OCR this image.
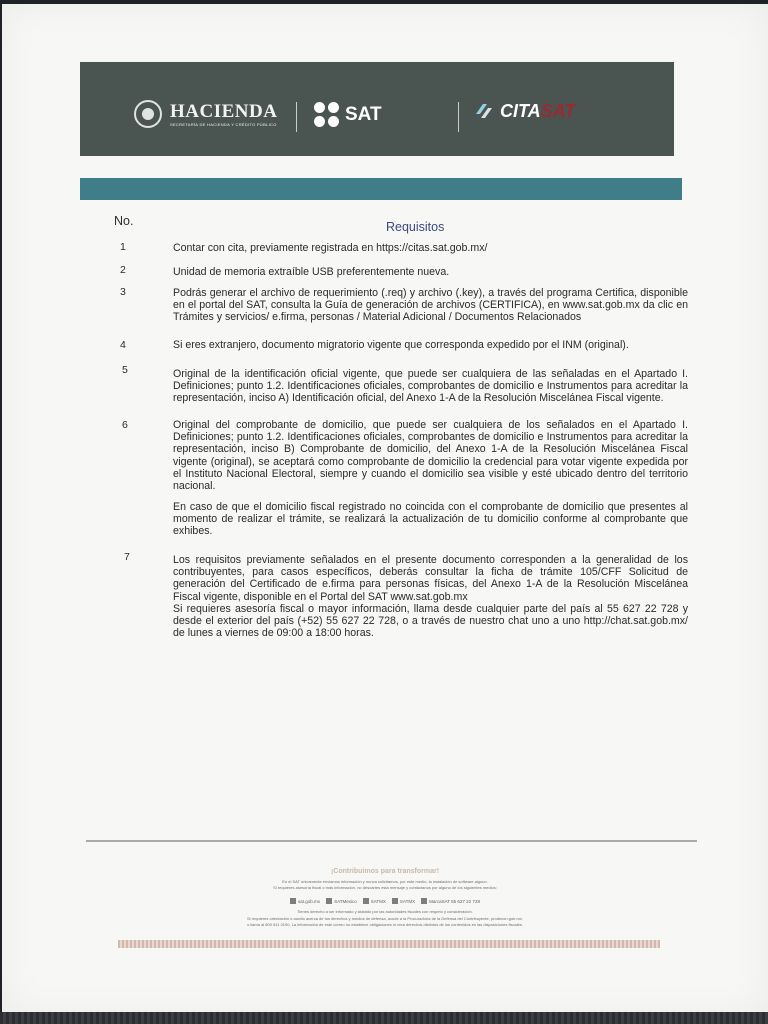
HACIENDA
SECRETARÍA DE HACIENDA Y CRÉDITO PÚBLICO	SAT	CITASAT
No.	Requisitos
1	Contar con cita, previamente registrada en https://citas.sat.gob.mx/
2	Unidad de memoria extraíble USB preferentemente nueva.
3	Podrás generar el archivo de requerimiento (.req) y archivo (.key), a través del programa Certifica, disponible en el portal del SAT, consulta la Guía de generación de archivos (CERTIFICA), en www.sat.gob.mx da clic en Trámites y servicios/ e.firma, personas / Material Adicional / Documentos Relacionados
4	Si eres extranjero, documento migratorio vigente que corresponda expedido por el INM (original).
5	Original de la identificación oficial vigente, que puede ser cualquiera de las señaladas en el Apartado I. Definiciones; punto 1.2. Identificaciones oficiales, comprobantes de domicilio e Instrumentos para acreditar la representación, inciso A) Identificación oficial, del Anexo 1-A de la Resolución Miscelánea Fiscal vigente.
6	Original del comprobante de domicilio, que puede ser cualquiera de los señalados en el Apartado I. Definiciones; punto 1.2. Identificaciones oficiales, comprobantes de domicilio e Instrumentos para acreditar la representación, inciso B) Comprobante de domicilio, del Anexo 1-A de la Resolución Miscelánea Fiscal vigente (original), se aceptará como comprobante de domicilio la credencial para votar vigente expedida por el Instituto Nacional Electoral, siempre y cuando el domicilio sea visible y esté ubicado dentro del territorio nacional.
En caso de que el domicilio fiscal registrado no coincida con el comprobante de domicilio que presentes al momento de realizar el trámite, se realizará la actualización de tu domicilio conforme al comprobante que exhibes.
7	Los requisitos previamente señalados en el presente documento corresponden a la generalidad de los contribuyentes, para casos específicos, deberás consultar la ficha de trámite 105/CFF Solicitud de generación del Certificado de e.firma para personas físicas, del Anexo 1-A de la Resolución Miscelánea Fiscal vigente, disponible en el Portal del SAT www.sat.gob.mx
Si requieres asesoría fiscal o mayor información, llama desde cualquier parte del país al 55 627 22 728 y desde el exterior del país (+52) 55 627 22 728, o a través de nuestro chat uno a uno http://chat.sat.gob.mx/ de lunes a viernes de 09:00 a 18:00 horas.
¡Contribuimos para transformar!
En el SAT únicamente enviamos información y nunca solicitamos, por este medio, la instalación de software alguno.
Si requieres asesoría fiscal o más información, no descartes esta mensaje y contáctanos por alguno de los siguientes medios:
sat.gob.mx	SATMexico	SATMX	SATMX	MarcaSAT 55 627 22 728
Tienes derecho a ser informado y asistido por las autoridades fiscales con respeto y consideración.
Si requieres orientación o auxilio acerca de tus derechos y medios de defensa, acude a la Procuraduría de la Defensa del Contribuyente, prodecon.gob.mx,
o llama al 800 611 0190. La información de este correo no establece obligaciones ni crea derechos distintos de los contenidos en las disposiciones fiscales.
